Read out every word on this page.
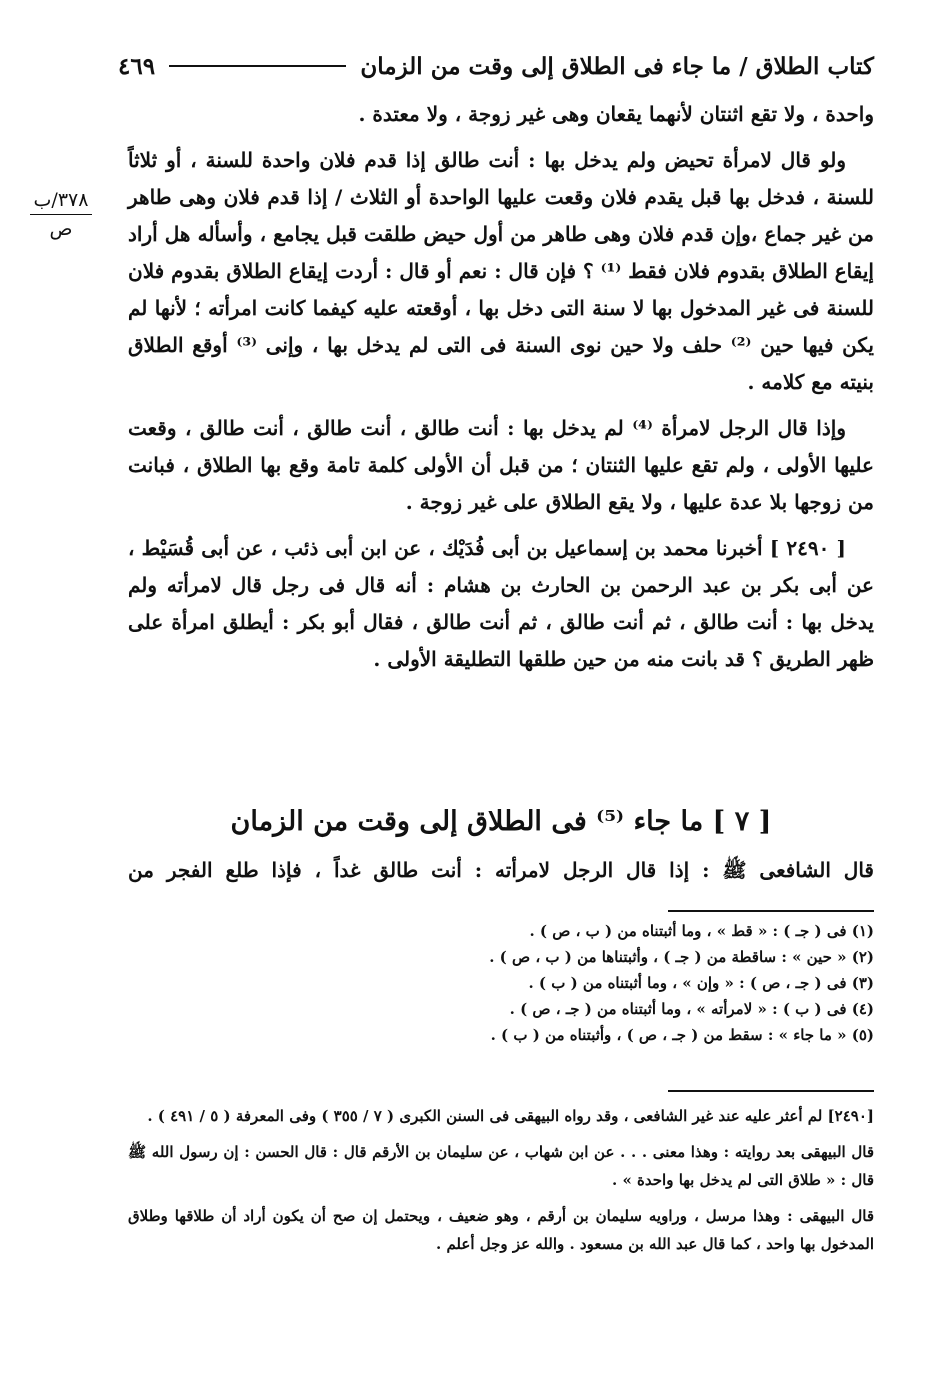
كتاب الطلاق / ما جاء فى الطلاق إلى وقت من الزمان
٤٦٩
٣٧٨/ب
ص

واحدة ، ولا تقع اثنتان لأنهما يقعان وهى غير زوجة ، ولا معتدة .

ولو قال لامرأة تحيض ولم يدخل بها : أنت طالق إذا قدم فلان واحدة للسنة ، أو ثلاثاً للسنة ، فدخل بها قبل يقدم فلان وقعت عليها الواحدة أو الثلاث / إذا قدم فلان وهى طاهر من غير جماع ،وإن قدم فلان وهى طاهر من أول حيض طلقت قبل يجامع ، وأسأله هل أراد إيقاع الطلاق بقدوم فلان فقط ⁽¹⁾ ؟ فإن قال : نعم أو قال : أردت إيقاع الطلاق بقدوم فلان للسنة فى غير المدخول بها لا سنة التى دخل بها ، أوقعته عليه كيفما كانت امرأته ؛ لأنها لم يكن فيها حين ⁽²⁾ حلف ولا حين نوى السنة فى التى لم يدخل بها ، وإنى ⁽³⁾ أوقع الطلاق بنيته مع كلامه .

وإذا قال الرجل لامرأة ⁽⁴⁾ لم يدخل بها : أنت طالق ، أنت طالق ، أنت طالق ، وقعت عليها الأولى ، ولم تقع عليها الثنتان ؛ من قبل أن الأولى كلمة تامة وقع بها الطلاق ، فبانت من زوجها بلا عدة عليها ، ولا يقع الطلاق على غير زوجة .

[ ٢٤٩٠ ] أخبرنا محمد بن إسماعيل بن أبى فُدَيْك ، عن ابن أبى ذئب ، عن أبى قُسَيْط ، عن أبى بكر بن عبد الرحمن بن الحارث بن هشام : أنه قال فى رجل قال لامرأته ولم يدخل بها : أنت طالق ، ثم أنت طالق ، ثم أنت طالق ، فقال أبو بكر : أيطلق امرأة على ظهر الطريق ؟ قد بانت منه من حين طلقها التطليقة الأولى .

[ ٧ ] ما جاء ⁽⁵⁾ فى الطلاق إلى وقت من الزمان
قال الشافعى ﷺ : إذا قال الرجل لامرأته : أنت طالق غداً ، فإذا طلع الفجر من
(١) فى ( جـ ) : « قط » ، وما أثبتناه من ( ب ، ص ) .
(٢) « حين » : ساقطة من ( جـ ) ، وأثبتناها من ( ب ، ص ) .
(٣) فى ( جـ ، ص ) : « وإن » ، وما أثبتناه من ( ب ) .
(٤) فى ( ب ) : « لامرأته » ، وما أثبتناه من ( جـ ، ص ) .
(٥) « ما جاء » : سقط من ( جـ ، ص ) ، وأثبتناه من ( ب ) .

[٢٤٩٠] لم أعثر عليه عند غير الشافعى ، وقد رواه البيهقى فى السنن الكبرى ( ٧ / ٣٥٥ ) وفى المعرفة ( ٥ / ٤٩١ ) .

قال البيهقى بعد روايته : وهذا معنى . . . عن ابن شهاب ، عن سليمان بن الأرقم قال : قال الحسن : إن رسول الله ﷺ قال : « طلاق التى لم يدخل بها واحدة » .

قال البيهقى : وهذا مرسل ، وراويه سليمان بن أرقم ، وهو ضعيف ، ويحتمل إن صح أن يكون أراد أن طلاقها وطلاق المدخول بها واحد ، كما قال عبد الله بن مسعود . والله عز وجل أعلم .
